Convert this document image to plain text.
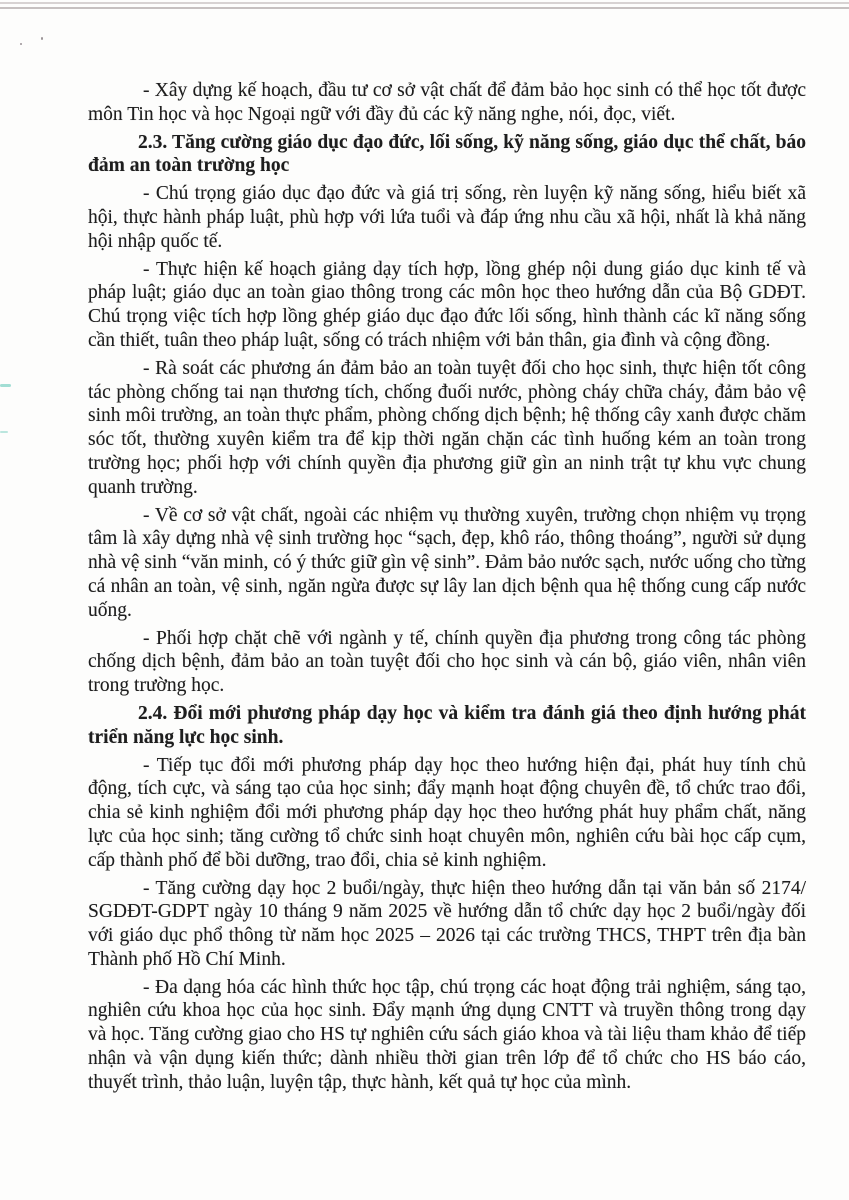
- Xây dựng kế hoạch, đầu tư cơ sở vật chất để đảm bảo học sinh có thể học tốt được môn Tin học và học Ngoại ngữ với đầy đủ các kỹ năng nghe, nói, đọc, viết.

2.3. Tăng cường giáo dục đạo đức, lối sống, kỹ năng sống, giáo dục thể chất, báo đảm an toàn trường học

- Chú trọng giáo dục đạo đức và giá trị sống, rèn luyện kỹ năng sống, hiểu biết xã hội, thực hành pháp luật, phù hợp với lứa tuổi và đáp ứng nhu cầu xã hội, nhất là khả năng hội nhập quốc tế.

- Thực hiện kế hoạch giảng dạy tích hợp, lồng ghép nội dung giáo dục kinh tế và pháp luật; giáo dục an toàn giao thông trong các môn học theo hướng dẫn của Bộ GDĐT. Chú trọng việc tích hợp lồng ghép giáo dục đạo đức lối sống, hình thành các kĩ năng sống cần thiết, tuân theo pháp luật, sống có trách nhiệm với bản thân, gia đình và cộng đồng.

- Rà soát các phương án đảm bảo an toàn tuyệt đối cho học sinh, thực hiện tốt công tác phòng chống tai nạn thương tích, chống đuối nước, phòng cháy chữa cháy, đảm bảo vệ sinh môi trường, an toàn thực phẩm, phòng chống dịch bệnh; hệ thống cây xanh được chăm sóc tốt, thường xuyên kiểm tra để kịp thời ngăn chặn các tình huống kém an toàn trong trường học; phối hợp với chính quyền địa phương giữ gìn an ninh trật tự khu vực chung quanh trường.

- Về cơ sở vật chất, ngoài các nhiệm vụ thường xuyên, trường chọn nhiệm vụ trọng tâm là xây dựng nhà vệ sinh trường học “sạch, đẹp, khô ráo, thông thoáng”, người sử dụng nhà vệ sinh “văn minh, có ý thức giữ gìn vệ sinh”. Đảm bảo nước sạch, nước uống cho từng cá nhân an toàn, vệ sinh, ngăn ngừa được sự lây lan dịch bệnh qua hệ thống cung cấp nước uống.

- Phối hợp chặt chẽ với ngành y tế, chính quyền địa phương trong công tác phòng chống dịch bệnh, đảm bảo an toàn tuyệt đối cho học sinh và cán bộ, giáo viên, nhân viên trong trường học.

2.4. Đổi mới phương pháp dạy học và kiểm tra đánh giá theo định hướng phát triển năng lực học sinh.

- Tiếp tục đổi mới phương pháp dạy học theo hướng hiện đại, phát huy tính chủ động, tích cực, và sáng tạo của học sinh; đẩy mạnh hoạt động chuyên đề, tổ chức trao đổi, chia sẻ kinh nghiệm đổi mới phương pháp dạy học theo hướng phát huy phẩm chất, năng lực của học sinh; tăng cường tổ chức sinh hoạt chuyên môn, nghiên cứu bài học cấp cụm, cấp thành phố để bồi dưỡng, trao đổi, chia sẻ kinh nghiệm.

- Tăng cường dạy học 2 buổi/ngày, thực hiện theo hướng dẫn tại văn bản số 2174/ SGDĐT-GDPT ngày 10 tháng 9 năm 2025 về hướng dẫn tổ chức dạy học 2 buổi/ngày đối với giáo dục phổ thông từ năm học 2025 – 2026 tại các trường THCS, THPT trên địa bàn Thành phố Hồ Chí Minh.

- Đa dạng hóa các hình thức học tập, chú trọng các hoạt động trải nghiệm, sáng tạo, nghiên cứu khoa học của học sinh. Đẩy mạnh ứng dụng CNTT và truyền thông trong dạy và học. Tăng cường giao cho HS tự nghiên cứu sách giáo khoa và tài liệu tham khảo để tiếp nhận và vận dụng kiến thức; dành nhiều thời gian trên lớp để tổ chức cho HS báo cáo, thuyết trình, thảo luận, luyện tập, thực hành, kết quả tự học của mình.
